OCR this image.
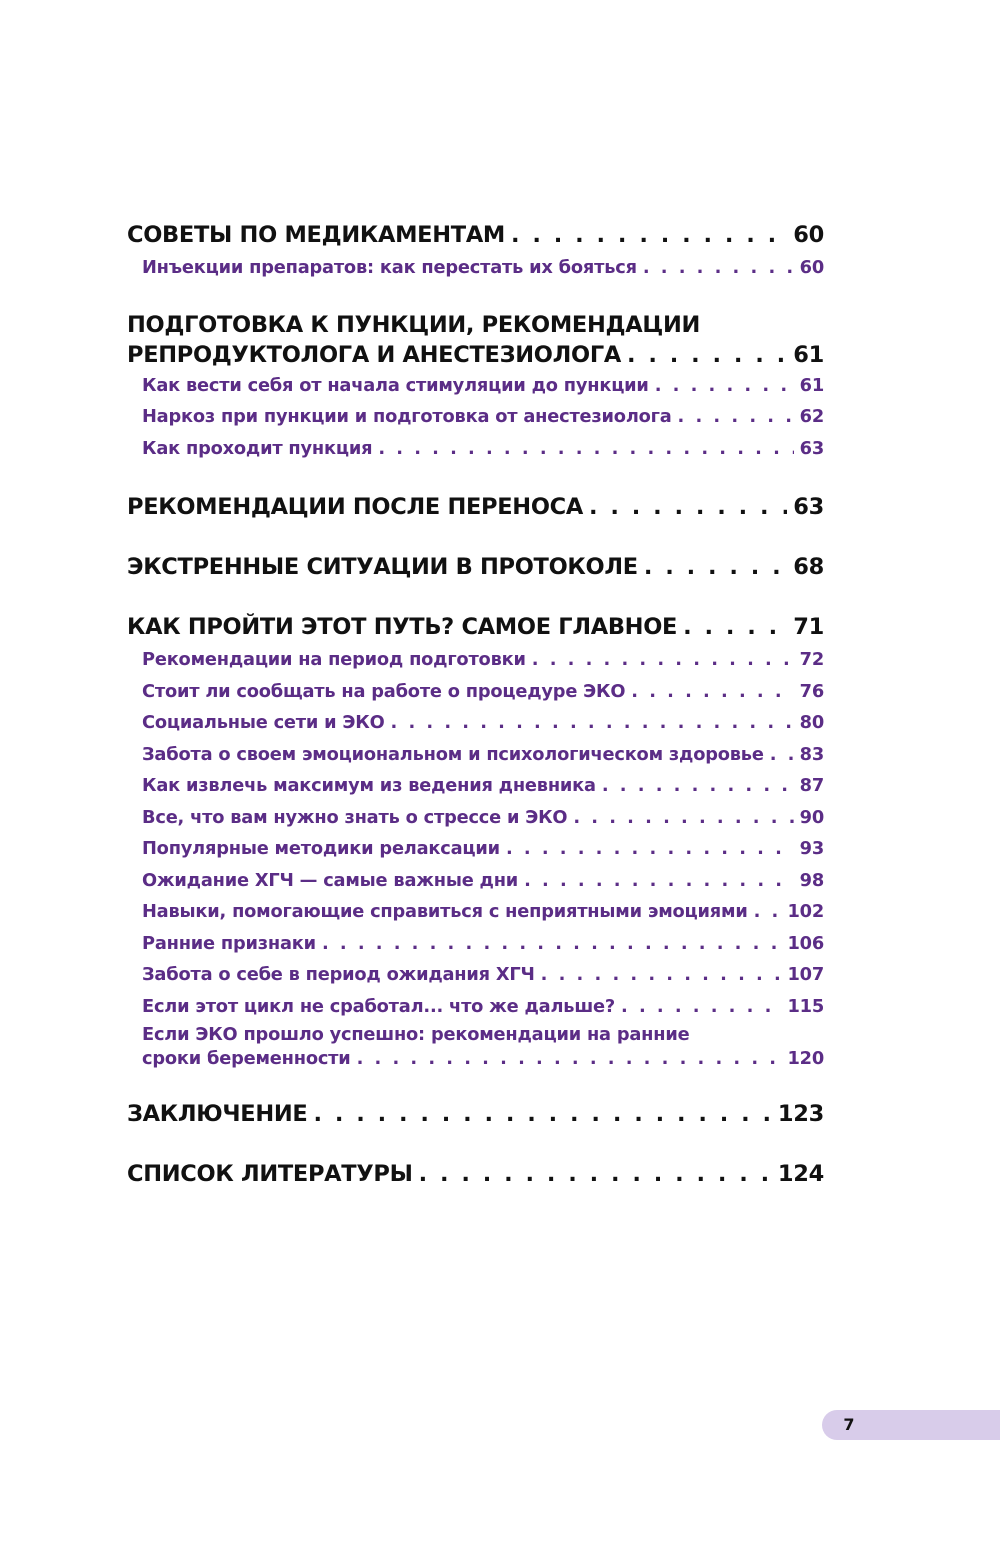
СОВЕТЫ ПО МЕДИКАМЕНТАМ . . .	60
Инъекции препаратов: как перестать их бояться . . .	60
ПОДГОТОВКА К ПУНКЦИИ, РЕКОМЕНДАЦИИ
РЕПРОДУКТОЛОГА И АНЕСТЕЗИОЛОГА . . .	61
Как вести себя от начала стимуляции до пункции . . .	61
Наркоз при пункции и подготовка от анестезиолога . . .	62
Как проходит пункция . . .	63
РЕКОМЕНДАЦИИ ПОСЛЕ ПЕРЕНОСА . . .	63
ЭКСТРЕННЫЕ СИТУАЦИИ В ПРОТОКОЛЕ . . .	68
КАК ПРОЙТИ ЭТОТ ПУТЬ? САМОЕ ГЛАВНОЕ . . .	71
Рекомендации на период подготовки . . .	72
Стоит ли сообщать на работе о процедуре ЭКО . . .	76
Социальные сети и ЭКО . . .	80
Забота о своем эмоциональном и психологическом здоровье . . . 83
Как извлечь максимум из ведения дневника . . .	87
Все, что вам нужно знать о стрессе и ЭКО . . .	90
Популярные методики релаксации . . .	93
Ожидание ХГЧ — самые важные дни . . .	98
Навыки, помогающие справиться с неприятными эмоциями . . . 102
Ранние признаки . . .	106
Забота о себе в период ожидания ХГЧ . . .	107
Если этот цикл не сработал... что же дальше? . . .	115
Если ЭКО прошло успешно: рекомендации на ранние
сроки беременности . . .	120
ЗАКЛЮЧЕНИЕ . . .	123
СПИСОК ЛИТЕРАТУРЫ . . .	124
7
